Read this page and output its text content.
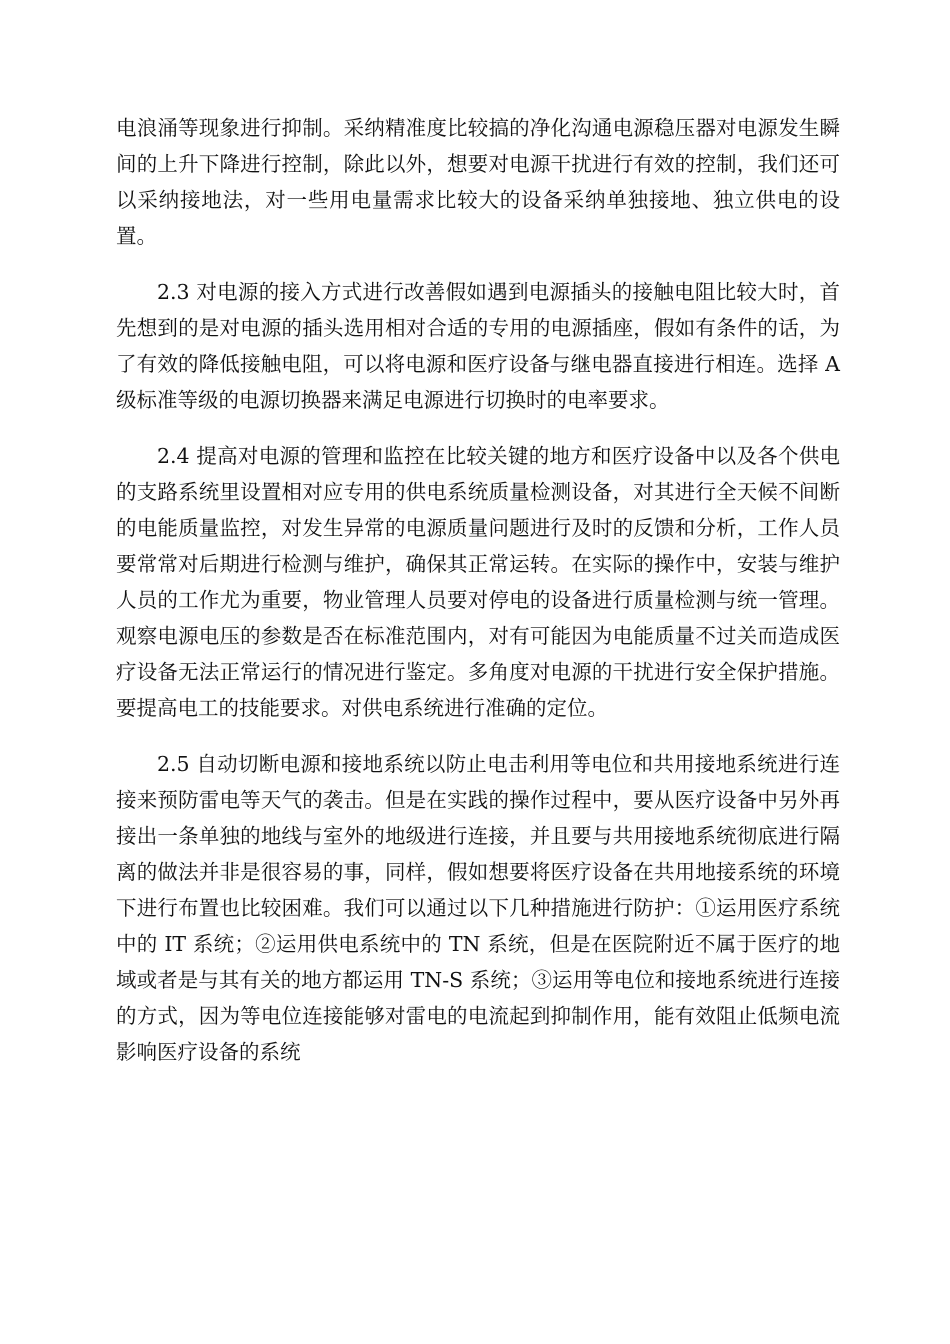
电浪涌等现象进行抑制。采纳精准度比较搞的净化沟通电源稳压器对电源发生瞬间的上升下降进行控制，除此以外，想要对电源干扰进行有效的控制，我们还可以采纳接地法，对一些用电量需求比较大的设备采纳单独接地、独立供电的设置。

2.3 对电源的接入方式进行改善假如遇到电源插头的接触电阻比较大时，首先想到的是对电源的插头选用相对合适的专用的电源插座，假如有条件的话，为了有效的降低接触电阻，可以将电源和医疗设备与继电器直接进行相连。选择 A 级标准等级的电源切换器来满足电源进行切换时的电率要求。

2.4 提高对电源的管理和监控在比较关键的地方和医疗设备中以及各个供电的支路系统里设置相对应专用的供电系统质量检测设备，对其进行全天候不间断的电能质量监控，对发生异常的电源质量问题进行及时的反馈和分析，工作人员要常常对后期进行检测与维护，确保其正常运转。在实际的操作中，安装与维护人员的工作尤为重要，物业管理人员要对停电的设备进行质量检测与统一管理。观察电源电压的参数是否在标准范围内，对有可能因为电能质量不过关而造成医疗设备无法正常运行的情况进行鉴定。多角度对电源的干扰进行安全保护措施。要提高电工的技能要求。对供电系统进行准确的定位。

2.5 自动切断电源和接地系统以防止电击利用等电位和共用接地系统进行连接来预防雷电等天气的袭击。但是在实践的操作过程中，要从医疗设备中另外再接出一条单独的地线与室外的地级进行连接，并且要与共用接地系统彻底进行隔离的做法并非是很容易的事，同样，假如想要将医疗设备在共用地接系统的环境下进行布置也比较困难。我们可以通过以下几种措施进行防护：①运用医疗系统中的 IT 系统；②运用供电系统中的 TN 系统，但是在医院附近不属于医疗的地域或者是与其有关的地方都运用 TN-S 系统；③运用等电位和接地系统进行连接的方式，因为等电位连接能够对雷电的电流起到抑制作用，能有效阻止低频电流影响医疗设备的系统
